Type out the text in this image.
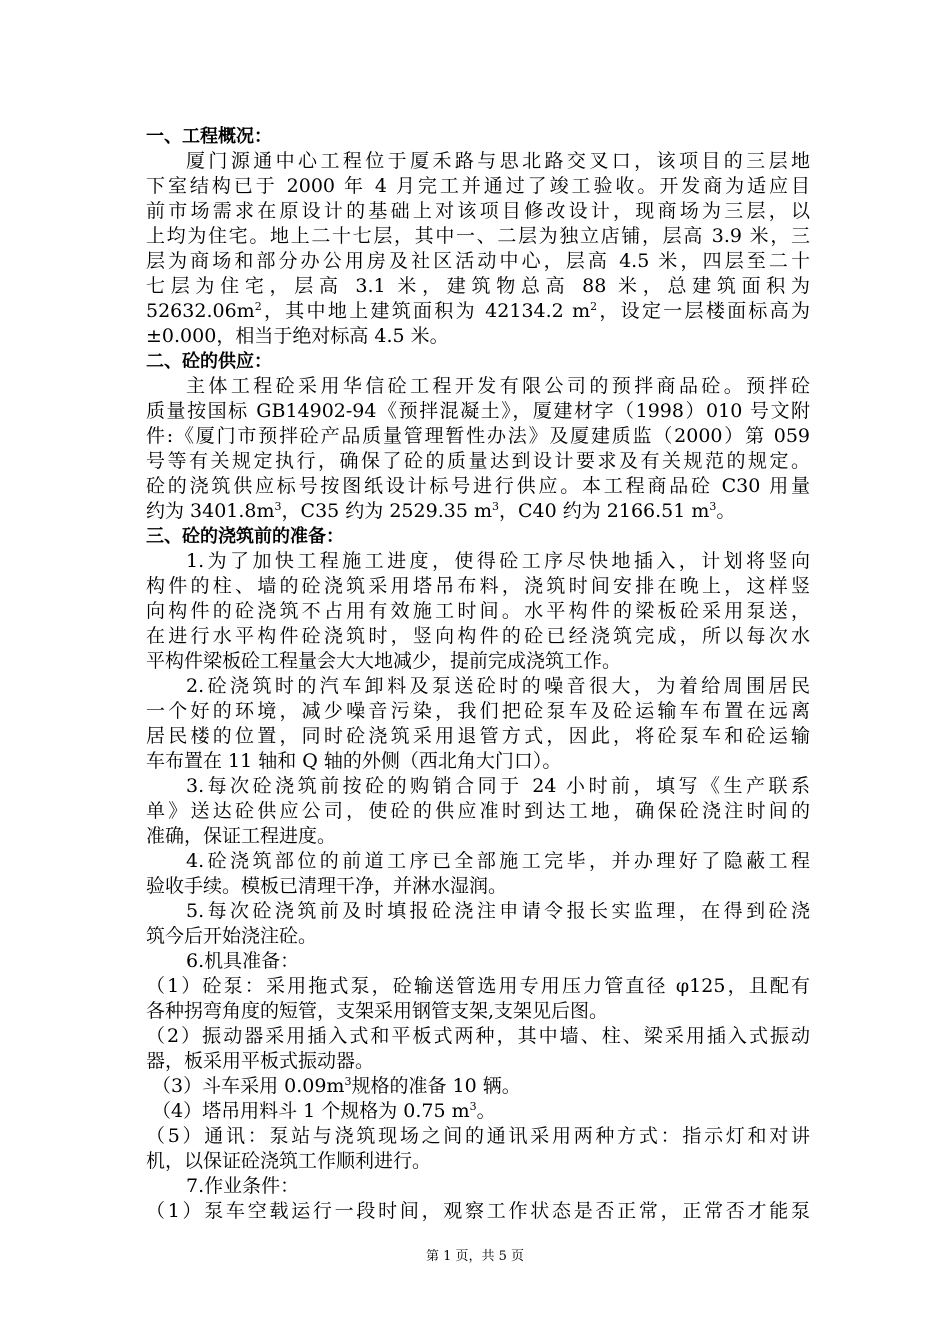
一、工程概况：
厦门源通中心工程位于厦禾路与思北路交叉口，该项目的三层地
下室结构已于 2000 年 4 月完工并通过了竣工验收。开发商为适应目
前市场需求在原设计的基础上对该项目修改设计，现商场为三层，以
上均为住宅。地上二十七层，其中一、二层为独立店铺，层高 3.9 米，三
层为商场和部分办公用房及社区活动中心，层高 4.5 米，四层至二十
七层为住宅，层高 3.1 米，建筑物总高 88 米，总建筑面积为
$52632.06m^2$，其中地上建筑面积为 42134.2 $m^2$，设定一层楼面标高为
±0.000，相当于绝对标高 4.5 米。
二、砼的供应：
主体工程砼采用华信砼工程开发有限公司的预拌商品砼。预拌砼
质量按国标 GB14902-94《预拌混凝土》，厦建材字（1998）010 号文附
件:《厦门市预拌砼产品质量管理暂性办法》及厦建质监（2000）第 059
号等有关规定执行，确保了砼的质量达到设计要求及有关规范的规定。
砼的浇筑供应标号按图纸设计标号进行供应。本工程商品砼 C30 用量
约为 $3401.8m^3$，C35 约为 2529.35 $m^3$，C40 约为 2166.51 $m^3$。
三、砼的浇筑前的准备：
1.为了加快工程施工进度，使得砼工序尽快地插入，计划将竖向
构件的柱、墙的砼浇筑采用塔吊布料，浇筑时间安排在晚上，这样竖
向构件的砼浇筑不占用有效施工时间。水平构件的梁板砼采用泵送，
在进行水平构件砼浇筑时，竖向构件的砼已经浇筑完成，所以每次水
平构件梁板砼工程量会大大地减少，提前完成浇筑工作。
2.砼浇筑时的汽车卸料及泵送砼时的噪音很大，为着给周围居民
一个好的环境，减少噪音污染，我们把砼泵车及砼运输车布置在远离
居民楼的位置，同时砼浇筑采用退管方式，因此，将砼泵车和砼运输
车布置在 11 轴和 Q 轴的外侧（西北角大门口）。
3.每次砼浇筑前按砼的购销合同于 24 小时前，填写《生产联系
单》送达砼供应公司，使砼的供应准时到达工地，确保砼浇注时间的
准确，保证工程进度。
4.砼浇筑部位的前道工序已全部施工完毕，并办理好了隐蔽工程
验收手续。模板已清理干净，并淋水湿润。
5.每次砼浇筑前及时填报砼浇注申请令报长实监理，在得到砼浇
筑今后开始浇注砼。
6.机具准备：
（1）砼泵：采用拖式泵，砼输送管选用专用压力管直径 φ125，且配有
各种拐弯角度的短管，支架采用钢管支架,支架见后图。
（2）振动器采用插入式和平板式两种，其中墙、柱、梁采用插入式振动
器，板采用平板式振动器。
（3）斗车采用 $0.09m^3$规格的准备 10 辆。
（4）塔吊用料斗 1 个规格为 0.75 $m^3$。
（5）通讯：泵站与浇筑现场之间的通讯采用两种方式：指示灯和对讲
机，以保证砼浇筑工作顺利进行。
7.作业条件：
（1）泵车空载运行一段时间，观察工作状态是否正常，正常否才能泵
第 1 页，共 5 页
